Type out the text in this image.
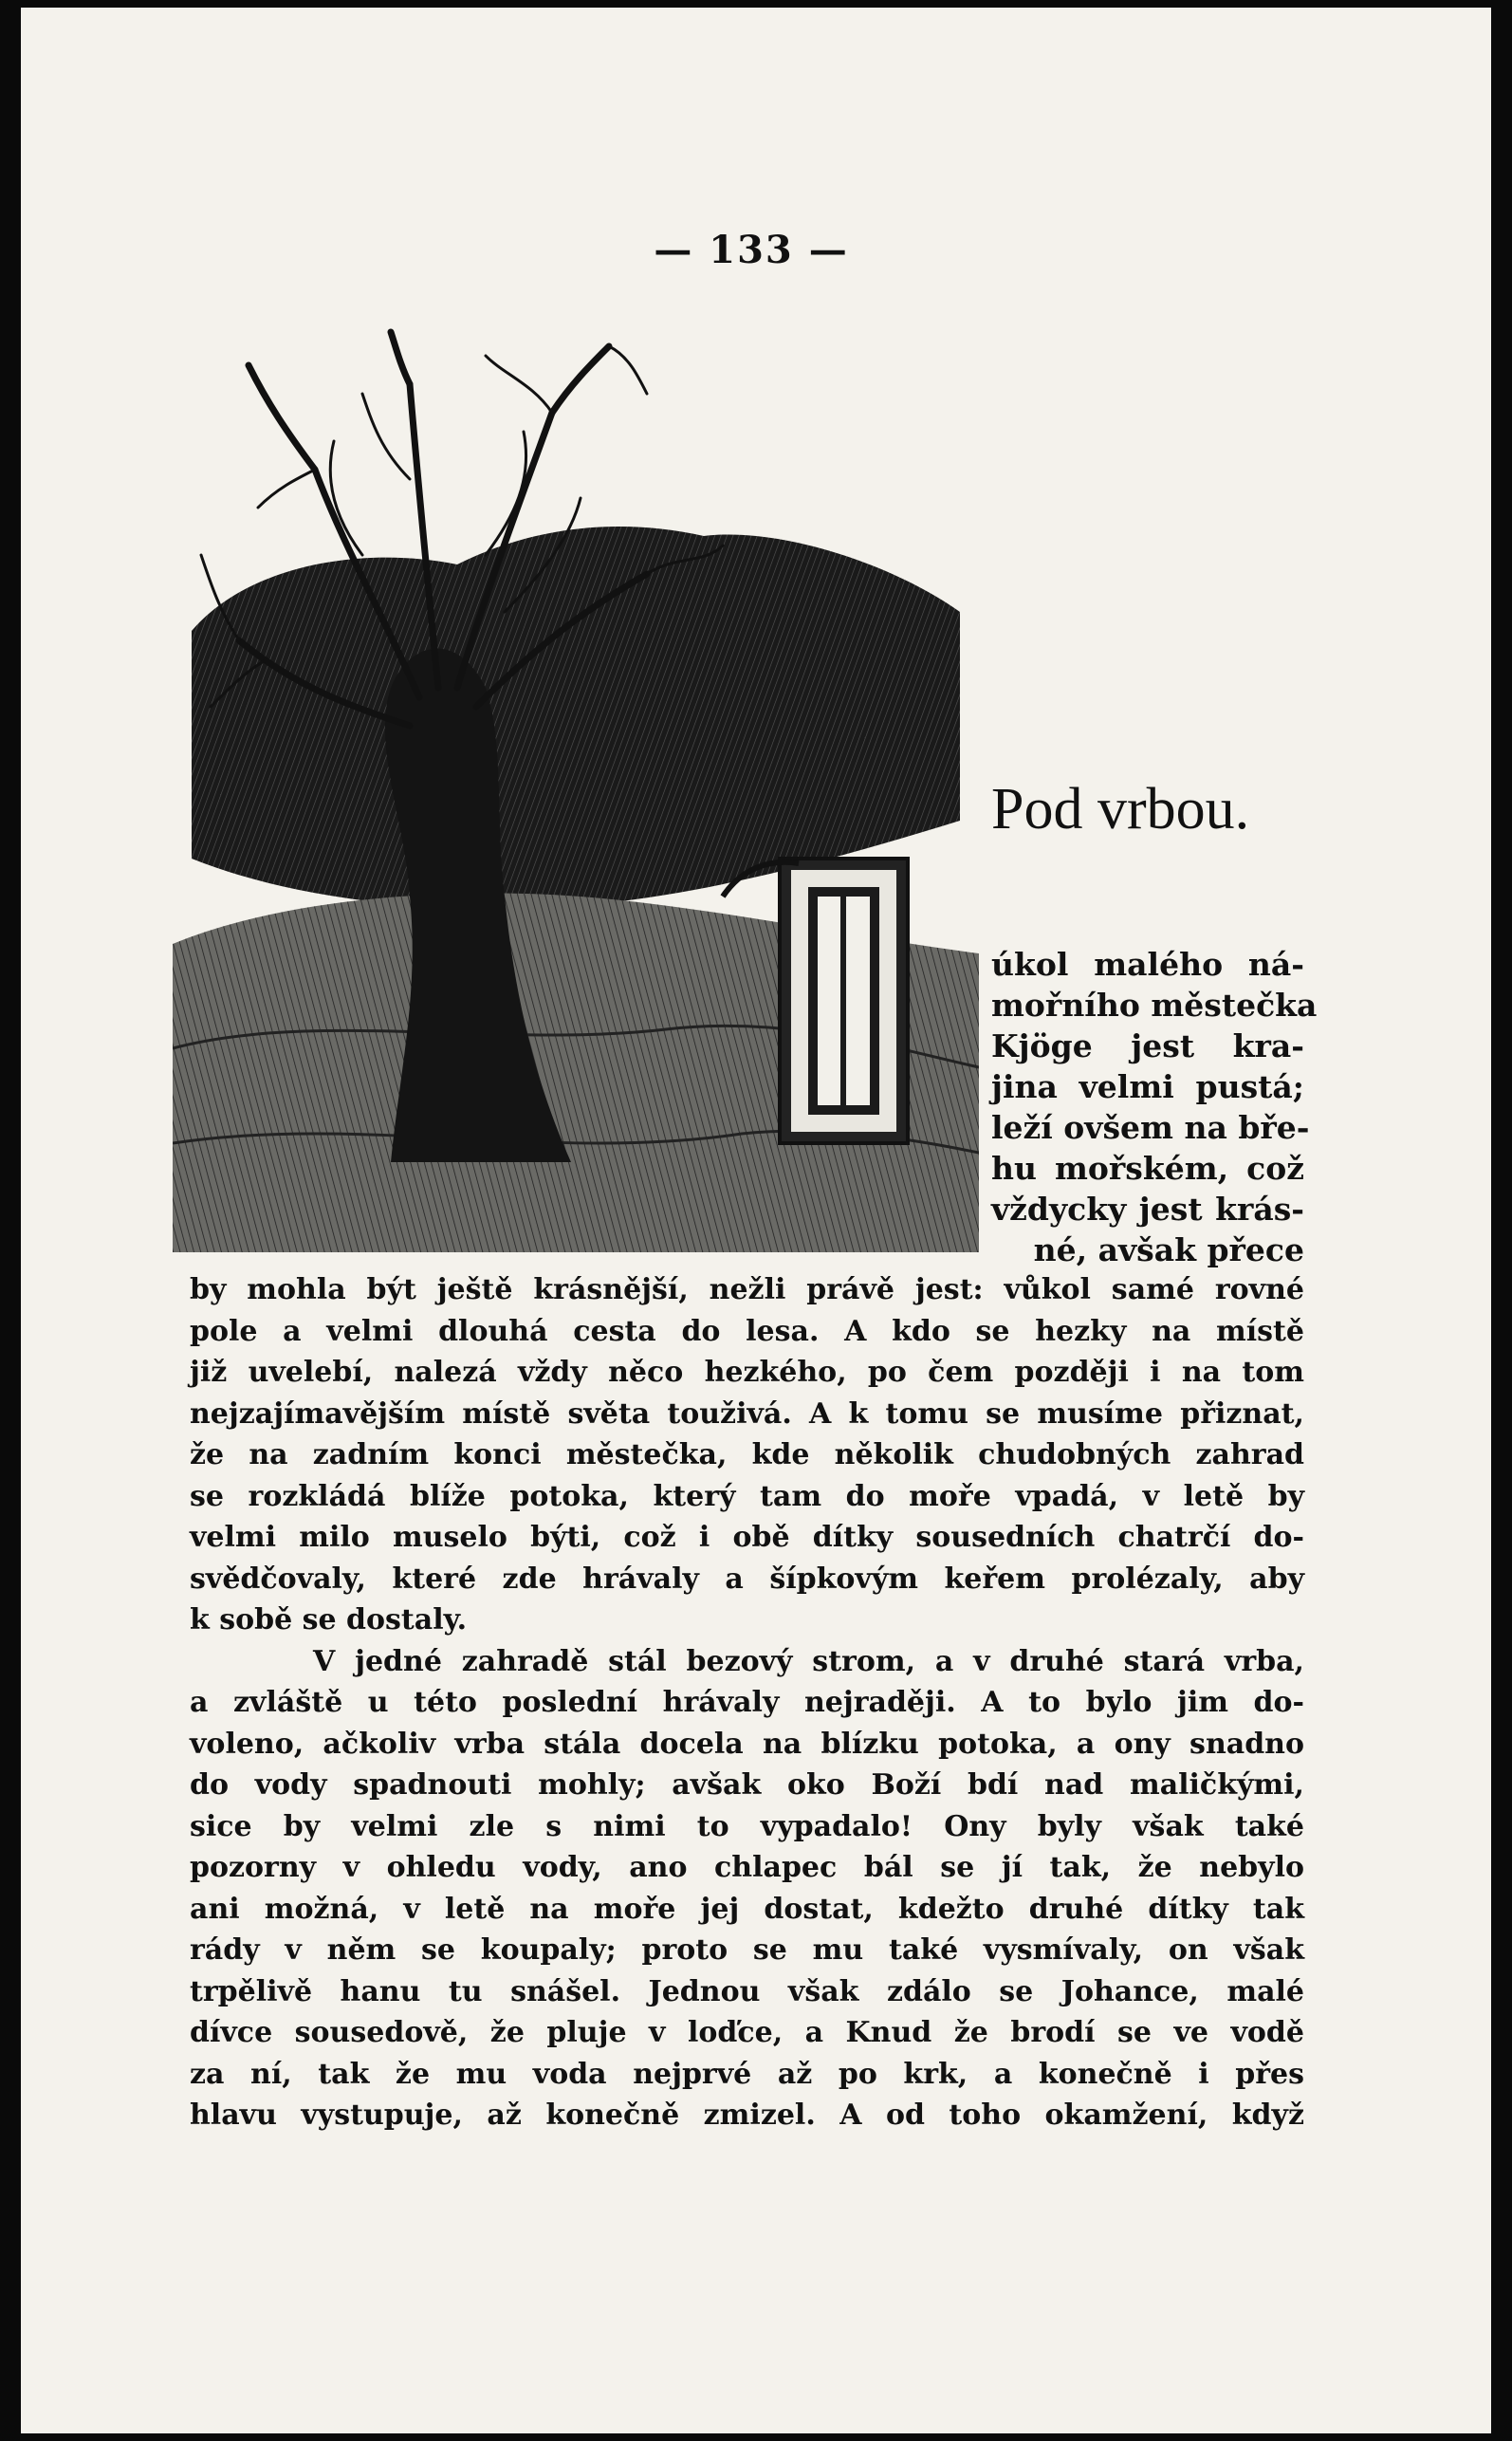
— 133 —
Pod vrbou.
úkol malého ná-
mořního městečka
Kjöge jest kra-
jina velmi pustá;
leží ovšem na bře-
hu mořském, což
vždycky jest krás-
né, avšak přece
by mohla být ještě krásnější, nežli právě jest: vůkol samé rovné
pole a velmi dlouhá cesta do lesa. A kdo se hezky na místě
již uvelebí, nalezá vždy něco hezkého, po čem později i na tom
nejzajímavějším místě světa touživá. A k tomu se musíme přiznat,
že na zadním konci městečka, kde několik chudobných zahrad
se rozkládá blíže potoka, který tam do moře vpadá, v letě by
velmi milo muselo býti, což i obě dítky sousedních chatrčí do-
svědčovaly, které zde hrávaly a šípkovým keřem prolézaly, aby
k sobě se dostaly.
V jedné zahradě stál bezový strom, a v druhé stará vrba,
a zvláště u této poslední hrávaly nejraději. A to bylo jim do-
voleno, ačkoliv vrba stála docela na blízku potoka, a ony snadno
do vody spadnouti mohly; avšak oko Boží bdí nad maličkými,
sice by velmi zle s nimi to vypadalo! Ony byly však také
pozorny v ohledu vody, ano chlapec bál se jí tak, že nebylo
ani možná, v letě na moře jej dostat, kdežto druhé dítky tak
rády v něm se koupaly; proto se mu také vysmívaly, on však
trpělivě hanu tu snášel. Jednou však zdálo se Johance, malé
dívce sousedově, že pluje v loďce, a Knud že brodí se ve vodě
za ní, tak že mu voda nejprvé až po krk, a konečně i přes
hlavu vystupuje, až konečně zmizel. A od toho okamžení, když
